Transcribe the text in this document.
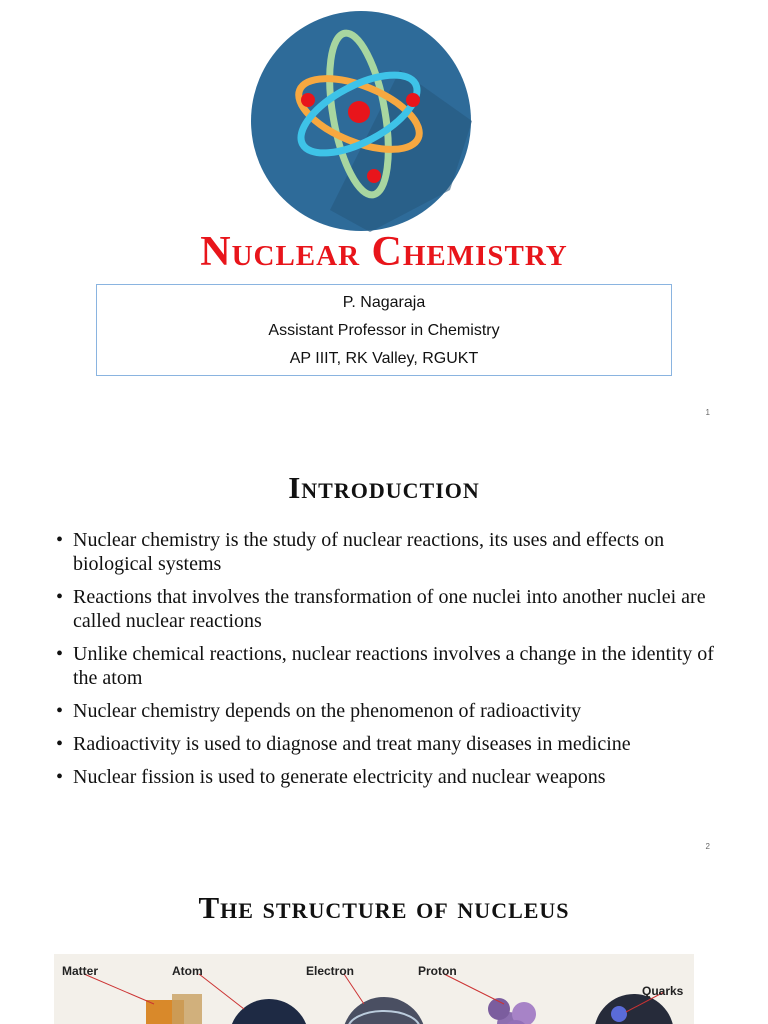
Nuclear Chemistry
P. Nagaraja
Assistant Professor in Chemistry
AP IIIT, RK Valley, RGUKT
1
Introduction
• Nuclear chemistry is the study of nuclear reactions, its uses and effects on biological systems
• Reactions that involves the transformation of one nuclei into another nuclei are called nuclear reactions
• Unlike chemical reactions, nuclear reactions involves a change in the identity of the atom
• Nuclear chemistry depends on the phenomenon of radioactivity
• Radioactivity is used to diagnose and treat many diseases in medicine
• Nuclear fission is used to generate electricity and nuclear weapons
2
The structure of nucleus
Matter	Atom	Electron	Proton
Quarks
